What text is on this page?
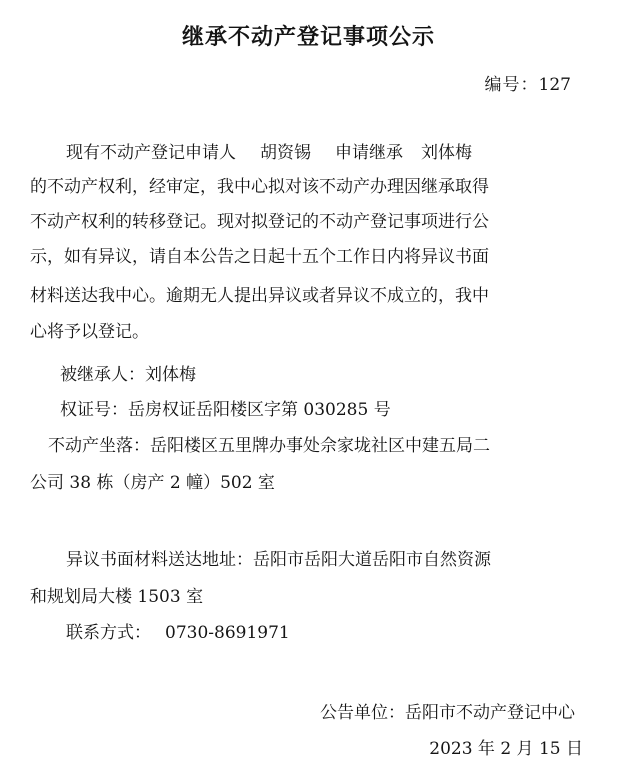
继承不动产登记事项公示
编号：127
现有不动产登记申请人 胡资锡 申请继承 刘体梅
的不动产权利，经审定，我中心拟对该不动产办理因继承取得
不动产权利的转移登记。现对拟登记的不动产登记事项进行公
示，如有异议，请自本公告之日起十五个工作日内将异议书面
材料送达我中心。逾期无人提出异议或者异议不成立的，我中
心将予以登记。
被继承人：刘体梅
权证号：岳房权证岳阳楼区字第 030285 号
不动产坐落：岳阳楼区五里牌办事处佘家垅社区中建五局二
公司 38 栋（房产 2 幢）502 室
异议书面材料送达地址：岳阳市岳阳大道岳阳市自然资源
和规划局大楼 1503 室
联系方式： 0730-8691971
公告单位：岳阳市不动产登记中心
2023 年 2 月 15 日
